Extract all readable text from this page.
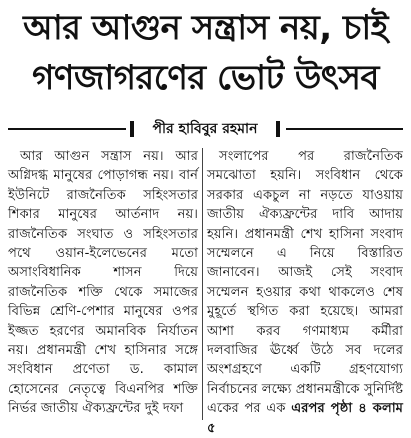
আর আগুন সন্ত্রাস নয়, চাই
গণজাগরণের ভোট উৎসব
পীর হাবিবুর রহমান

আর আগুন সন্ত্রাস নয়। আর অগ্নিদগ্ধ মানুষের পোড়াগন্ধ নয়। বার্ন ইউনিটে রাজনৈতিক সহিংসতার শিকার মানুষের আর্তনাদ নয়। রাজনৈতিক সংঘাত ও সহিংসতার পথে ওয়ান-ইলেভেনের মতো অসাংবিধানিক শাসন দিয়ে রাজনৈতিক শক্তি থেকে সমাজের বিভিন্ন শ্রেণি-পেশার মানুষের ওপর ইজ্জত হরণের অমানবিক নির্যাতন নয়। প্রধানমন্ত্রী শেখ হাসিনার সঙ্গে সংবিধান প্রণেতা ড. কামাল হোসেনের নেতৃত্বে বিএনপির শক্তি নির্ভর জাতীয় ঐক্যফ্রন্টের দুই দফা

সংলাপের পর রাজনৈতিক সমঝোতা হয়নি। সংবিধান থেকে সরকার একচুল না নড়তে যাওয়ায় জাতীয় ঐক্যফ্রন্টের দাবি আদায় হয়নি। প্রধানমন্ত্রী শেখ হাসিনা সংবাদ সম্মেলনে এ নিয়ে বিস্তারিত জানাবেন। আজই সেই সংবাদ সম্মেলন হওয়ার কথা থাকলেও শেষ মুহূর্তে স্থগিত করা হয়েছে। আমরা আশা করব গণমাধ্যম কর্মীরা দলবাজির ঊর্ধ্বে উঠে সব দলের অংশগ্রহণে একটি গ্রহণযোগ্য নির্বাচনের লক্ষ্যে প্রধানমন্ত্রীকে সুনির্দিষ্ট একের পর এক এরপর পৃষ্ঠা ৪ কলাম ৫
